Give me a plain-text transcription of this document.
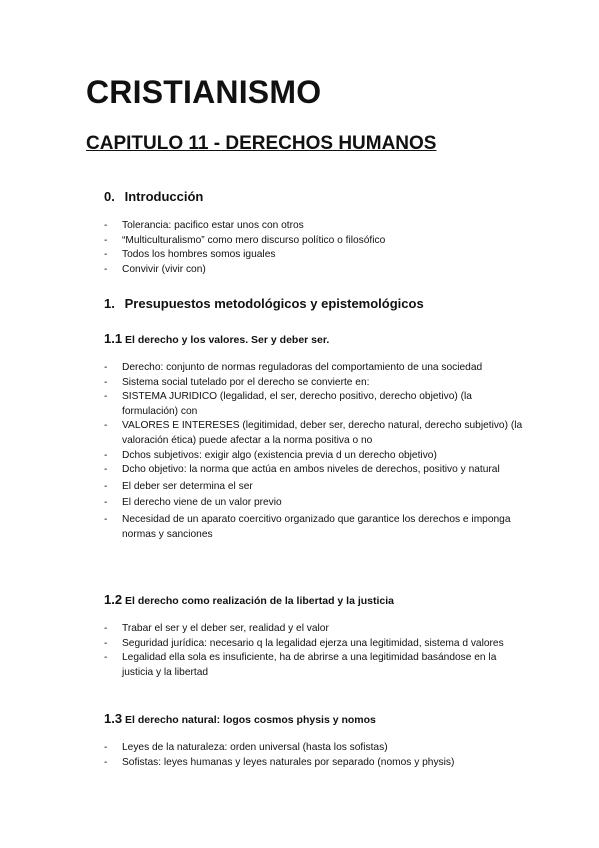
CRISTIANISMO
CAPITULO 11 - DERECHOS HUMANOS
0. Introducción
- Tolerancia: pacifico estar unos con otros
- “Multiculturalismo” como mero discurso político o filosófico
- Todos los hombres somos iguales
- Convivir (vivir con)
1. Presupuestos metodológicos y epistemológicos
1.1 El derecho y los valores. Ser y deber ser.
- Derecho: conjunto de normas reguladoras del comportamiento de una sociedad
- Sistema social tutelado por el derecho se convierte en:
- SISTEMA JURIDICO (legalidad, el ser, derecho positivo, derecho objetivo) (la formulación) con
- VALORES E INTERESES (legitimidad, deber ser, derecho natural, derecho subjetivo) (la valoración ética) puede afectar a la norma positiva o no
- Dchos subjetivos: exigir algo (existencia previa d un derecho objetivo)
- Dcho objetivo: la norma que actúa en ambos niveles de derechos, positivo y natural
- El deber ser determina el ser
- El derecho viene de un valor previo
- Necesidad de un aparato coercitivo organizado que garantice los derechos e imponga normas y sanciones
1.2 El derecho como realización de la libertad y la justicia
- Trabar el ser y el deber ser, realidad y el valor
- Seguridad jurídica: necesario q la legalidad ejerza una legitimidad, sistema d valores
- Legalidad ella sola es insuficiente, ha de abrirse a una legitimidad basándose en la justicia y la libertad
1.3 El derecho natural: logos cosmos physis y nomos
- Leyes de la naturaleza: orden universal (hasta los sofistas)
- Sofistas: leyes humanas y leyes naturales por separado (nomos y physis)
